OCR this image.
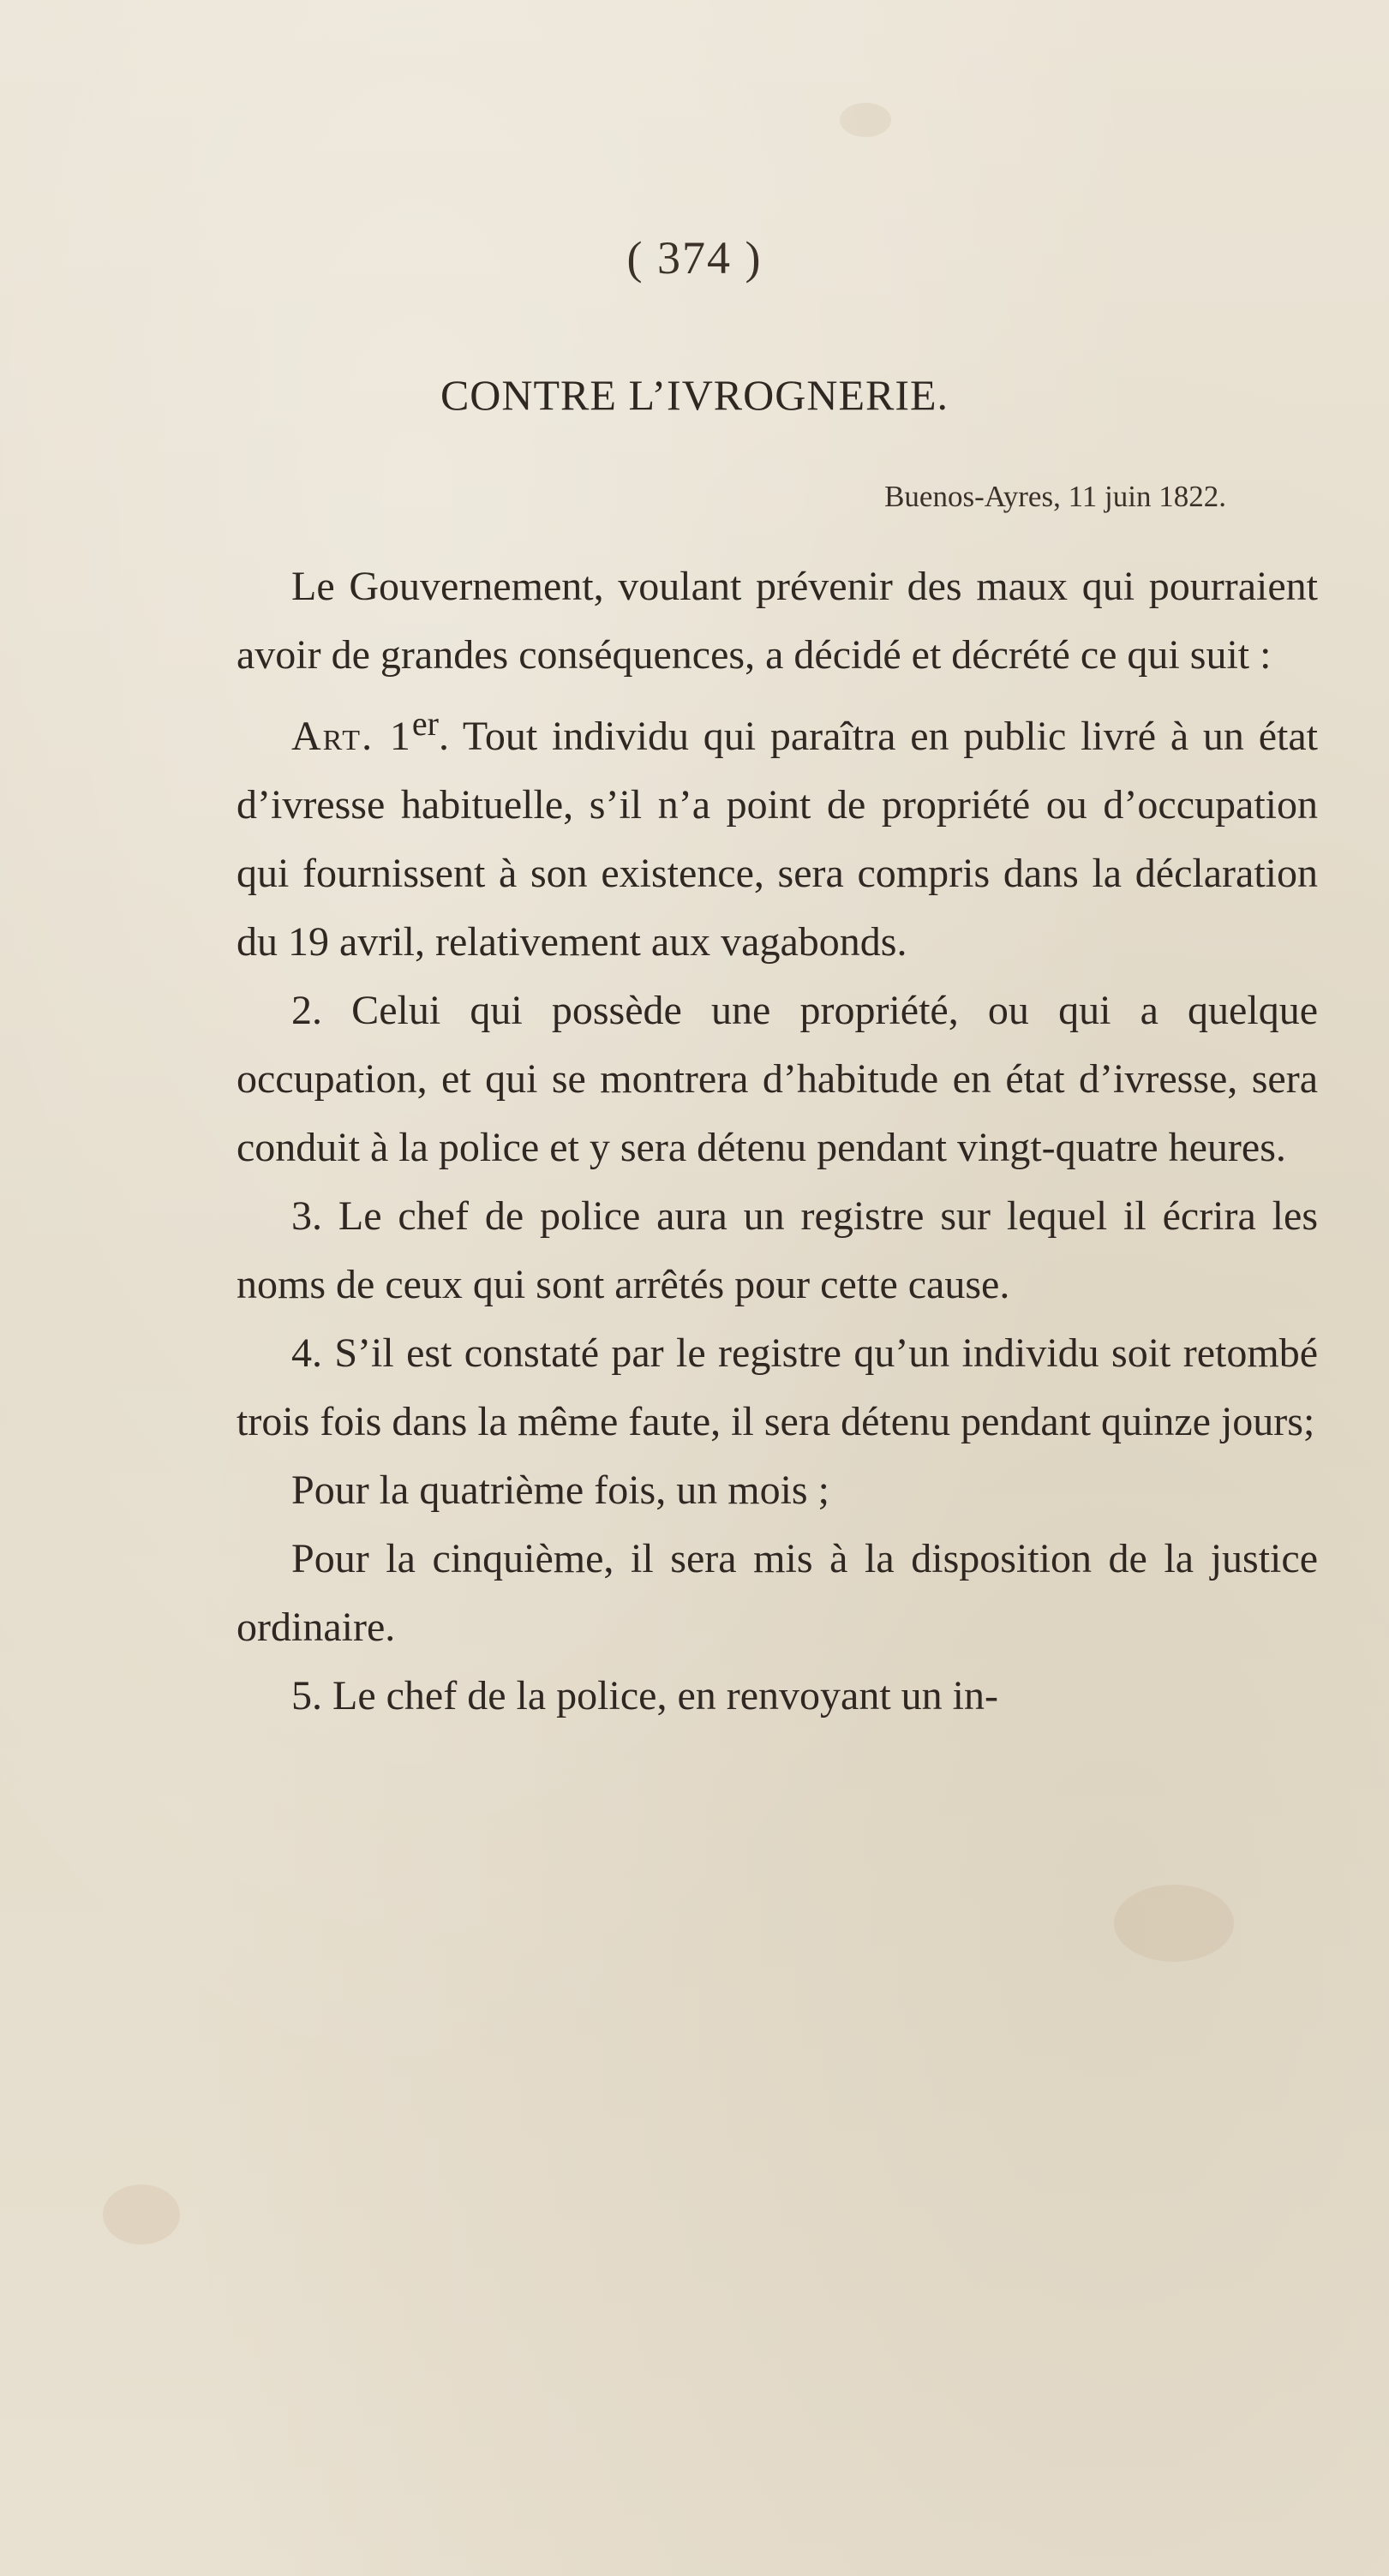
( 374 )
CONTRE L’IVROGNERIE.
Buenos-Ayres, 11 juin 1822.

Le Gouvernement, voulant prévenir des maux qui pourraient avoir de grandes conséquences, a décidé et décrété ce qui suit :

Art. 1er. Tout individu qui paraîtra en public livré à un état d’ivresse habituelle, s’il n’a point de propriété ou d’occupation qui fournissent à son existence, sera compris dans la déclaration du 19 avril, relativement aux vagabonds.

2. Celui qui possède une propriété, ou qui a quelque occupation, et qui se montrera d’habitude en état d’ivresse, sera conduit à la police et y sera détenu pendant vingt-quatre heures.

3. Le chef de police aura un registre sur lequel il écrira les noms de ceux qui sont arrêtés pour cette cause.

4. S’il est constaté par le registre qu’un individu soit retombé trois fois dans la même faute, il sera détenu pendant quinze jours;

Pour la quatrième fois, un mois ;

Pour la cinquième, il sera mis à la disposition de la justice ordinaire.

5. Le chef de la police, en renvoyant un in-
